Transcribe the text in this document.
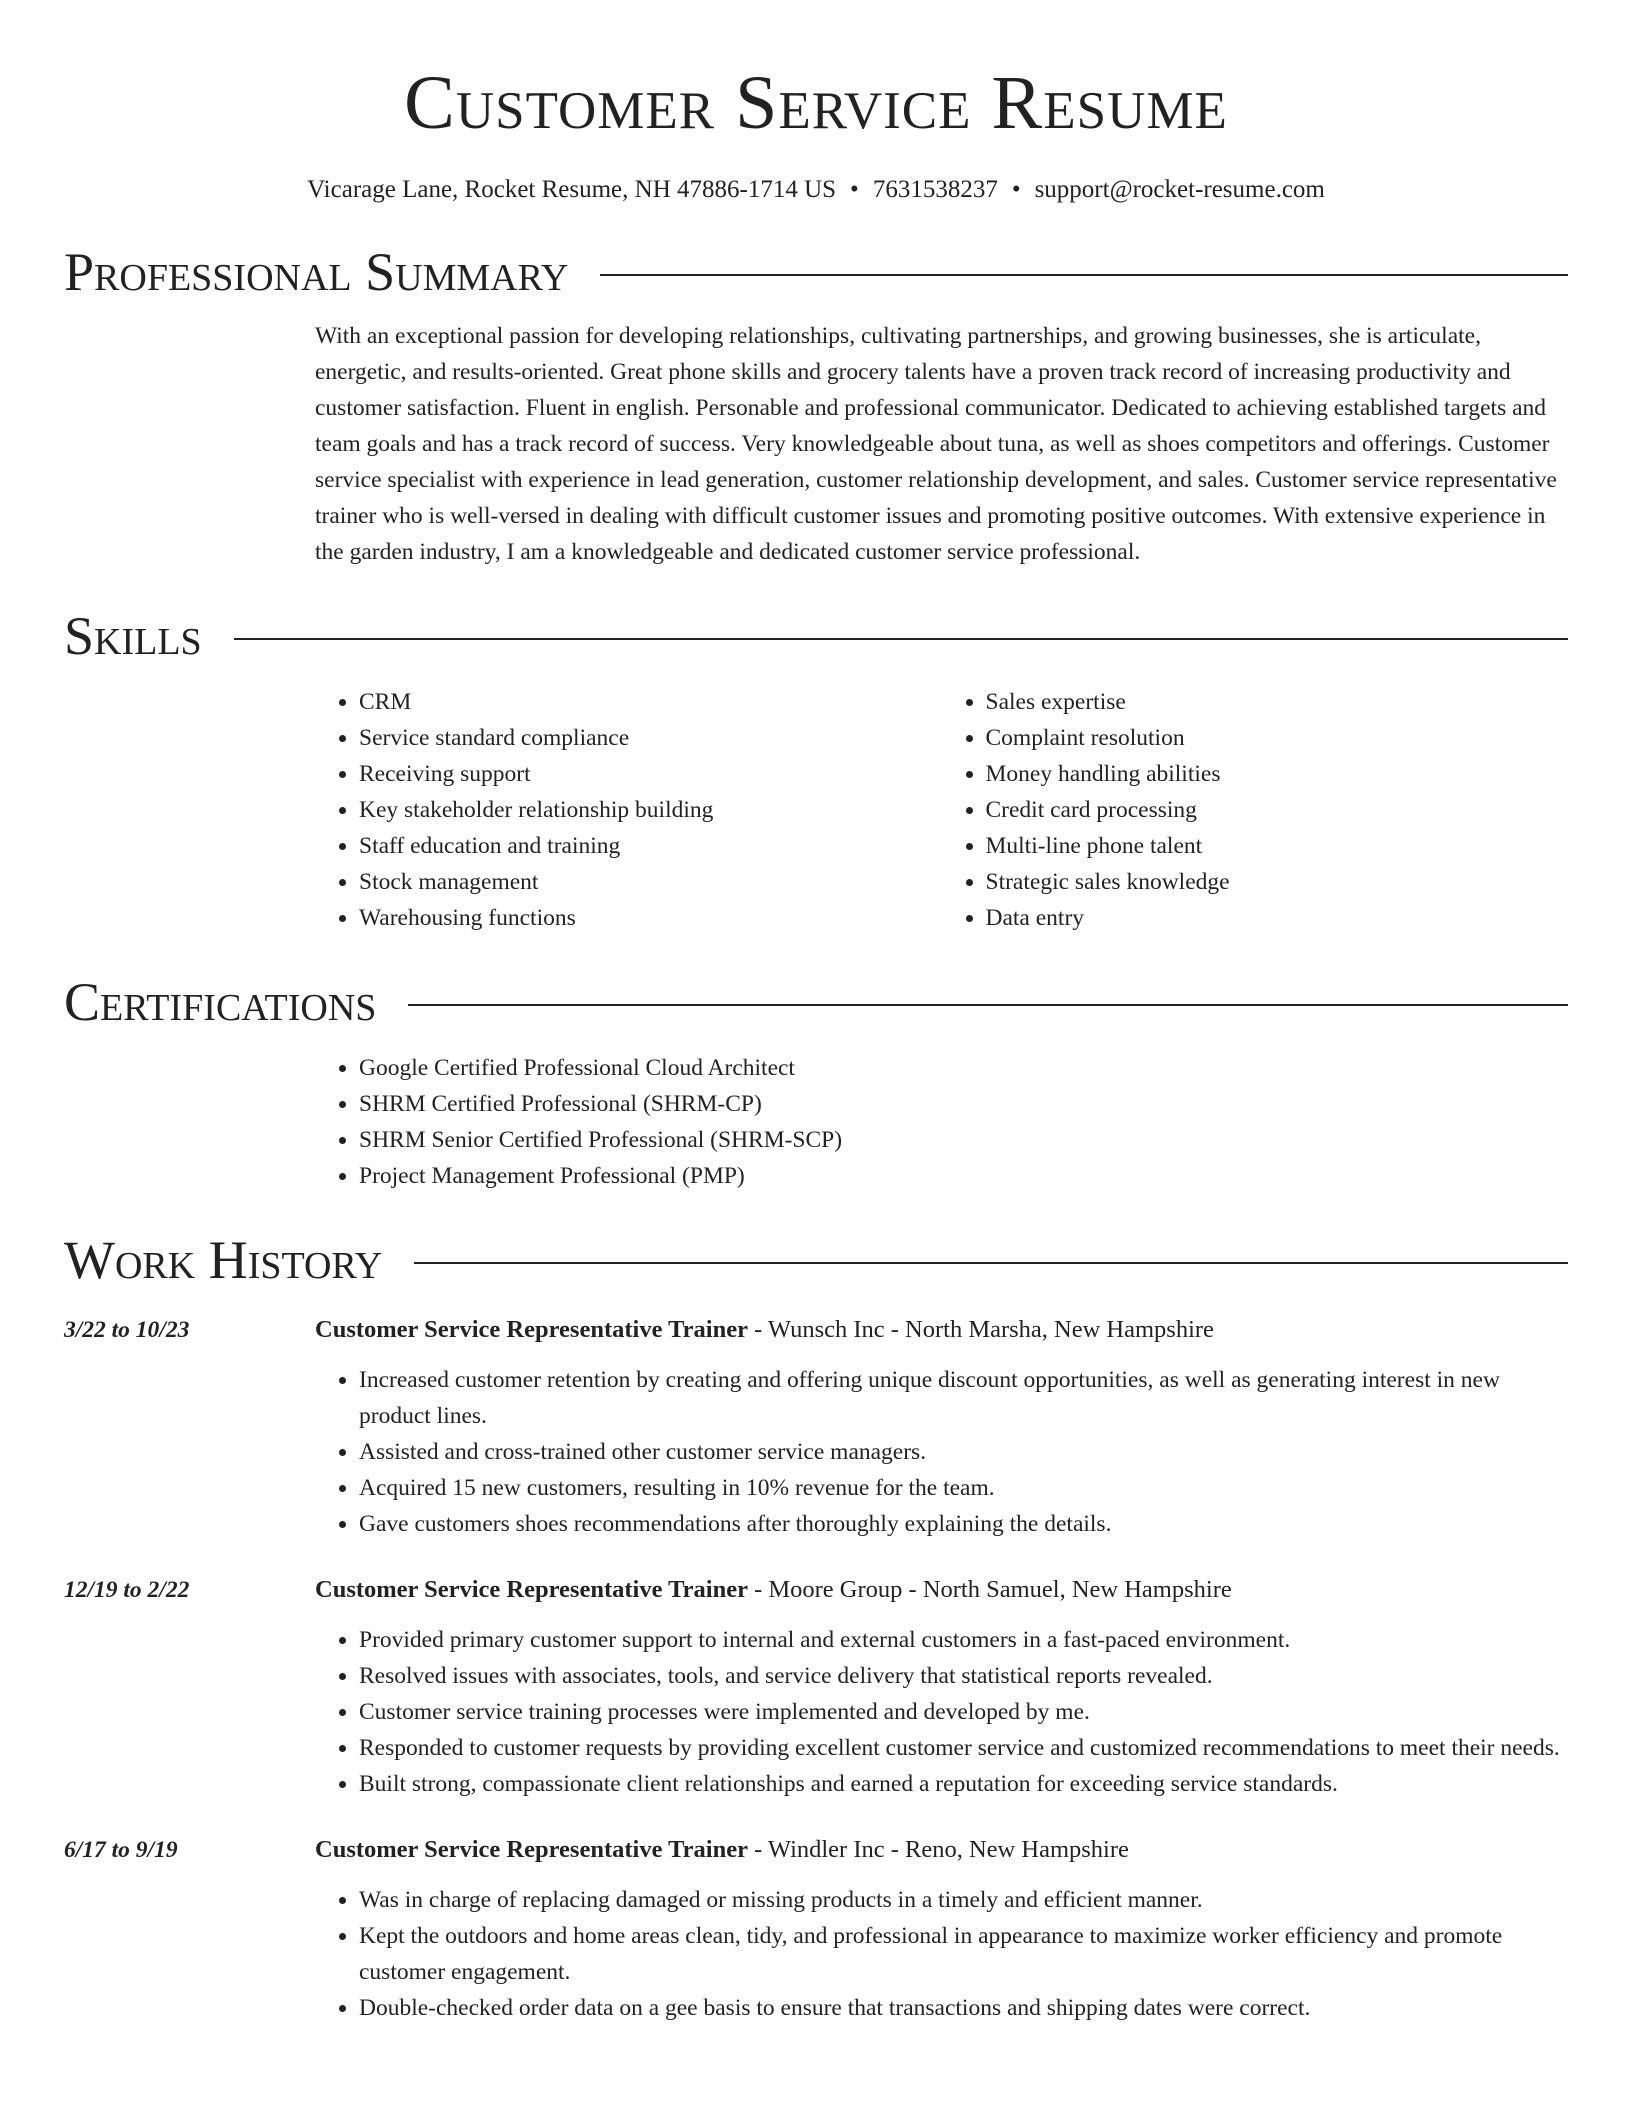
Customer Service Resume
Vicarage Lane, Rocket Resume, NH 47886-1714 US • 7631538237 • support@rocket-resume.com
Professional Summary
With an exceptional passion for developing relationships, cultivating partnerships, and growing businesses, she is articulate, energetic, and results-oriented. Great phone skills and grocery talents have a proven track record of increasing productivity and customer satisfaction. Fluent in english. Personable and professional communicator. Dedicated to achieving established targets and team goals and has a track record of success. Very knowledgeable about tuna, as well as shoes competitors and offerings. Customer service specialist with experience in lead generation, customer relationship development, and sales. Customer service representative trainer who is well-versed in dealing with difficult customer issues and promoting positive outcomes. With extensive experience in the garden industry, I am a knowledgeable and dedicated customer service professional.
Skills
• CRM
• Service standard compliance
• Receiving support
• Key stakeholder relationship building
• Staff education and training
• Stock management
• Warehousing functions
• Sales expertise
• Complaint resolution
• Money handling abilities
• Credit card processing
• Multi-line phone talent
• Strategic sales knowledge
• Data entry
Certifications
• Google Certified Professional Cloud Architect
• SHRM Certified Professional (SHRM-CP)
• SHRM Senior Certified Professional (SHRM-SCP)
• Project Management Professional (PMP)
Work History
3/22 to 10/23	Customer Service Representative Trainer - Wunsch Inc - North Marsha, New Hampshire
• Increased customer retention by creating and offering unique discount opportunities, as well as generating interest in new product lines.
• Assisted and cross-trained other customer service managers.
• Acquired 15 new customers, resulting in 10% revenue for the team.
• Gave customers shoes recommendations after thoroughly explaining the details.
12/19 to 2/22	Customer Service Representative Trainer - Moore Group - North Samuel, New Hampshire
• Provided primary customer support to internal and external customers in a fast-paced environment.
• Resolved issues with associates, tools, and service delivery that statistical reports revealed.
• Customer service training processes were implemented and developed by me.
• Responded to customer requests by providing excellent customer service and customized recommendations to meet their needs.
• Built strong, compassionate client relationships and earned a reputation for exceeding service standards.
6/17 to 9/19	Customer Service Representative Trainer - Windler Inc - Reno, New Hampshire
• Was in charge of replacing damaged or missing products in a timely and efficient manner.
• Kept the outdoors and home areas clean, tidy, and professional in appearance to maximize worker efficiency and promote customer engagement.
• Double-checked order data on a gee basis to ensure that transactions and shipping dates were correct.
